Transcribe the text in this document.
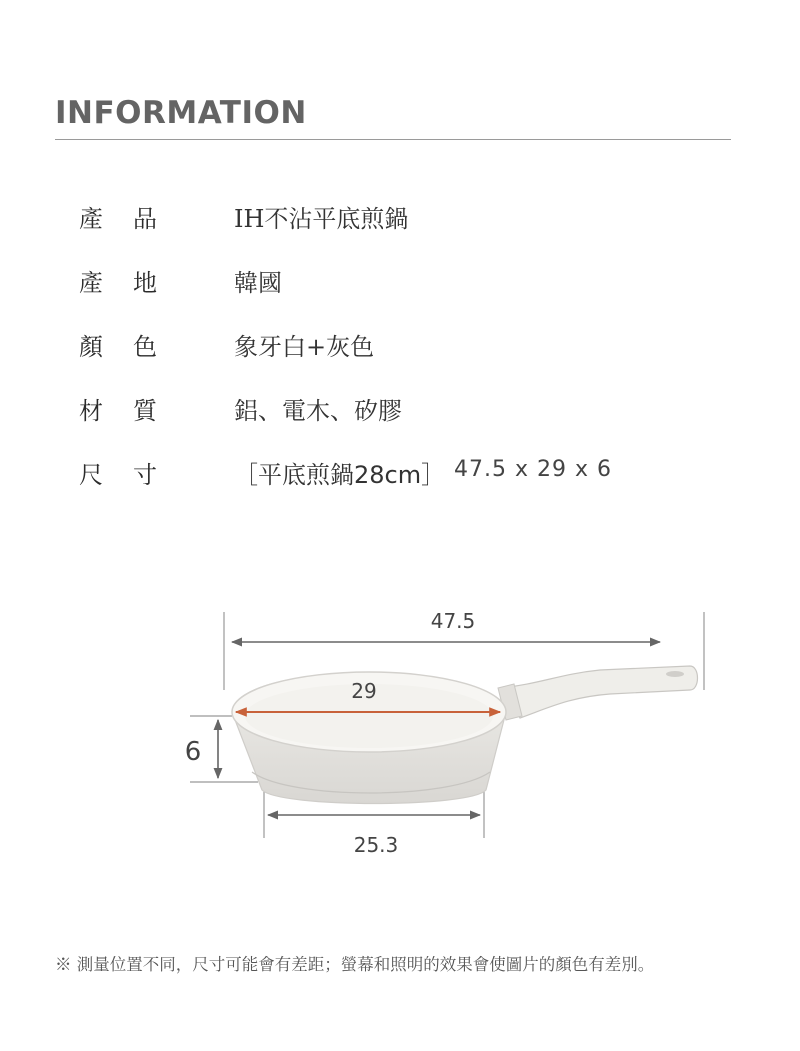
INFORMATION
產品 IH不沾平底煎鍋
產地 韓國
顏色 象牙白+灰色
材質 鋁、電木、矽膠
尺寸 ［平底煎鍋28cm］ 47.5 x 29 x 6
47.5
29
6
25.3
※ 測量位置不同，尺寸可能會有差距；螢幕和照明的效果會使圖片的顏色有差別。
